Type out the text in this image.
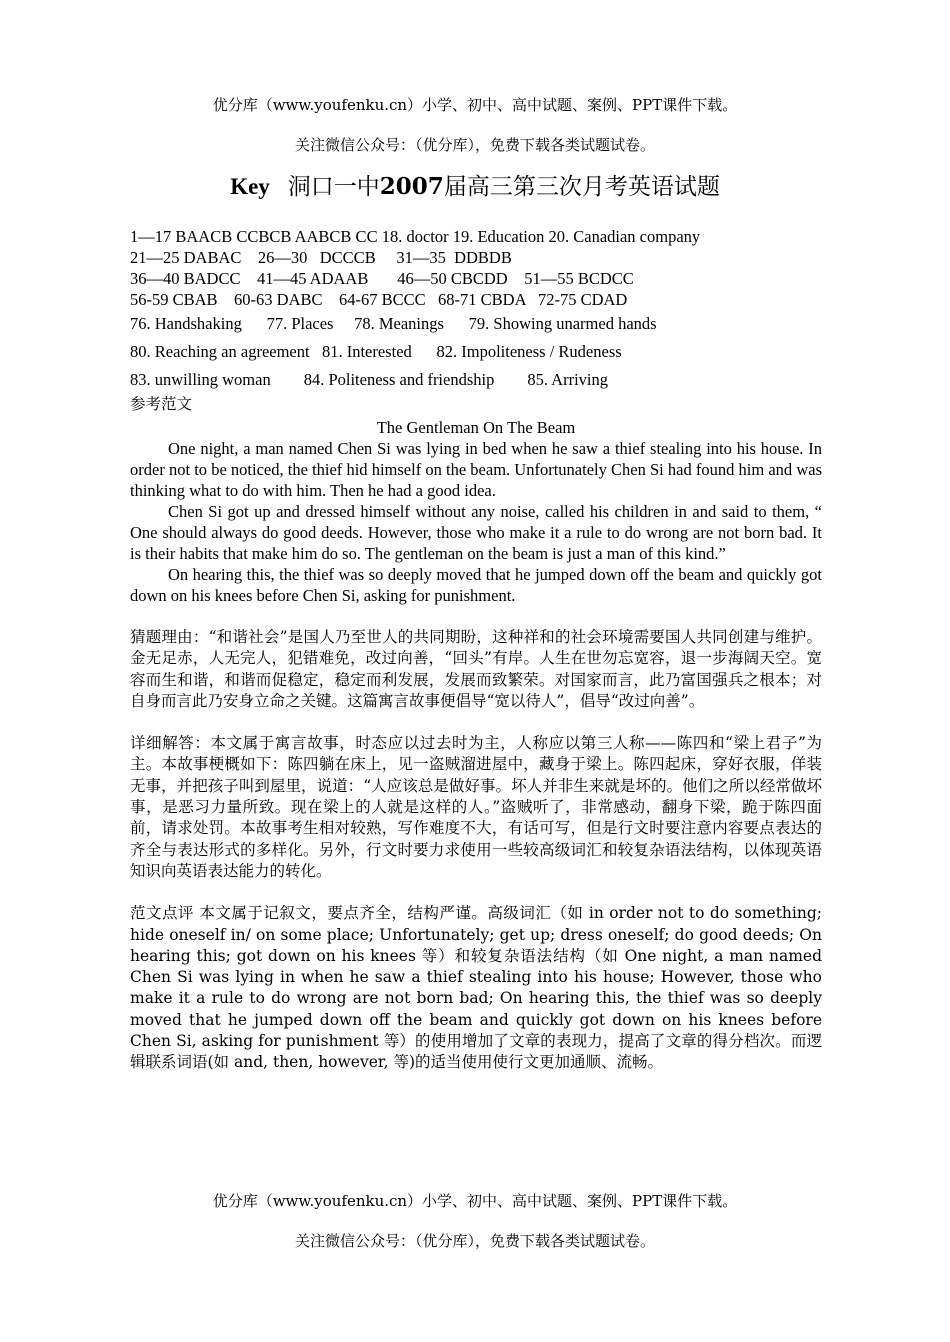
优分库（www.youfenku.cn）小学、初中、高中试题、案例、PPT课件下载。
关注微信公众号：（优分库），免费下载各类试题试卷。
Key 洞口一中2007届高三第三次月考英语试题
1—17 BAACB CCBCB AABCB CC 18. doctor 19. Education 20. Canadian company
21—25 DABAC    26—30   DCCCB     31—35  DDBDB
36—40 BADCC    41—45 ADAAB       46—50 CBCDD    51—55 BCDCC
56-59 CBAB    60-63 DABC    64-67 BCCC   68-71 CBDA   72-75 CDAD
76. Handshaking      77. Places     78. Meanings      79. Showing unarmed hands
80. Reaching an agreement   81. Interested      82. Impoliteness / Rudeness
83. unwilling woman        84. Politeness and friendship        85. Arriving
参考范文
The Gentleman On The Beam

One night, a man named Chen Si was lying in bed when he saw a thief stealing into his house. In order not to be noticed, the thief hid himself on the beam. Unfortunately Chen Si had found him and was thinking what to do with him. Then he had a good idea.

Chen Si got up and dressed himself without any noise, called his children in and said to them, “ One should always do good deeds. However, those who make it a rule to do wrong are not born bad. It is their habits that make him do so. The gentleman on the beam is just a man of this kind.”

On hearing this, the thief was so deeply moved that he jumped down off the beam and quickly got down on his knees before Chen Si, asking for punishment.

猜题理由：“和谐社会”是国人乃至世人的共同期盼，这种祥和的社会环境需要国人共同创建与维护。金无足赤，人无完人，犯错难免，改过向善，“回头”有岸。人生在世勿忘宽容，退一步海阔天空。宽容而生和谐，和谐而促稳定，稳定而利发展，发展而致繁荣。对国家而言，此乃富国强兵之根本；对自身而言此乃安身立命之关键。这篇寓言故事便倡导“宽以待人”，倡导“改过向善”。

详细解答：本文属于寓言故事，时态应以过去时为主，人称应以第三人称——陈四和“梁上君子”为主。本故事梗概如下：陈四躺在床上，见一盗贼溜进屋中，藏身于梁上。陈四起床，穿好衣服，佯装无事，并把孩子叫到屋里，说道：“人应该总是做好事。坏人并非生来就是坏的。他们之所以经常做坏事，是恶习力量所致。现在梁上的人就是这样的人。”盗贼听了，非常感动，翻身下梁，跪于陈四面前，请求处罚。本故事考生相对较熟，写作难度不大，有话可写，但是行文时要注意内容要点表达的齐全与表达形式的多样化。另外，行文时要力求使用一些较高级词汇和较复杂语法结构，以体现英语知识向英语表达能力的转化。

范文点评 本文属于记叙文，要点齐全，结构严谨。高级词汇（如 in order not to do something; hide oneself in/ on some place; Unfortunately; get up; dress oneself; do good deeds; On hearing this; got down on his knees 等）和较复杂语法结构（如 One night, a man named Chen Si was lying in when he saw a thief stealing into his house; However, those who make it a rule to do wrong are not born bad; On hearing this, the thief was so deeply moved that he jumped down off the beam and quickly got down on his knees before Chen Si, asking for punishment 等）的使用增加了文章的表现力，提高了文章的得分档次。而逻辑联系词语(如 and, then, however, 等)的适当使用使行文更加通顺、流畅。

优分库（www.youfenku.cn）小学、初中、高中试题、案例、PPT课件下载。
关注微信公众号：（优分库），免费下载各类试题试卷。
